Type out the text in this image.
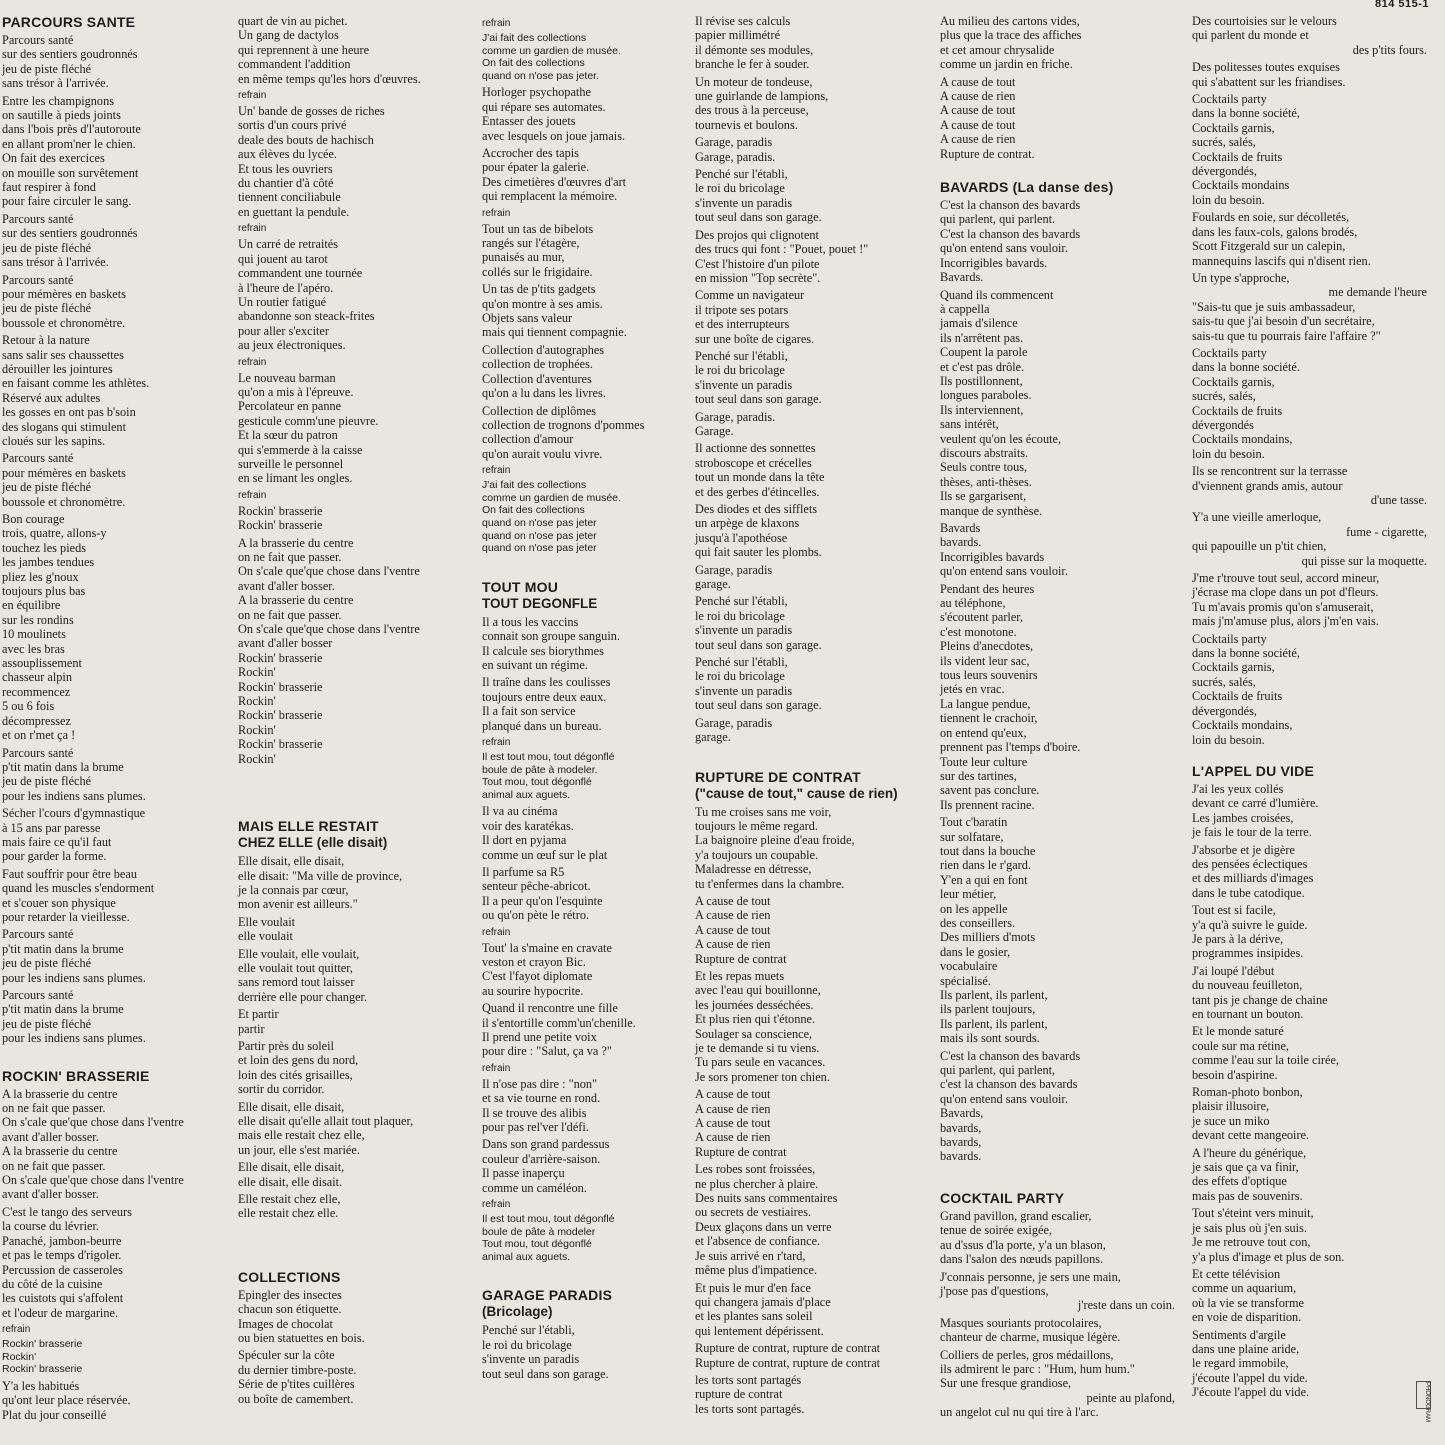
814 515-1
PARCOURS SANTE
Parcours santé
sur des sentiers goudronnés
jeu de piste fléché
sans trésor à l'arrivée.
Entre les champignons
on sautille à pieds joints
dans l'bois près d'l'autoroute
en allant prom'ner le chien.
On fait des exercices
on mouille son survêtement
faut respirer à fond
pour faire circuler le sang.
Parcours santé
sur des sentiers goudronnés
jeu de piste fléché
sans trésor à l'arrivée.
Parcours santé
pour mémères en baskets
jeu de piste fléché
boussole et chronomètre.
Retour à la nature
sans salir ses chaussettes
dérouiller les jointures
en faisant comme les athlètes.
Réservé aux adultes
les gosses en ont pas b'soin
des slogans qui stimulent
cloués sur les sapins.
Parcours santé
pour mémères en baskets
jeu de piste fléché
boussole et chronomètre.
Bon courage
trois, quatre, allons-y
touchez les pieds
les jambes tendues
pliez les g'noux
toujours plus bas
en équilibre
sur les rondins
10 moulinets
avec les bras
assouplissement
chasseur alpin
recommencez
5 ou 6 fois
décompressez
et on r'met ça !
Parcours santé
p'tit matin dans la brume
jeu de piste fléché
pour les indiens sans plumes.
Sécher l'cours d'gymnastique
à 15 ans par paresse
mais faire ce qu'il faut
pour garder la forme.
Faut souffrir pour être beau
quand les muscles s'endorment
et s'couer son physique
pour retarder la vieillesse.
Parcours santé
p'tit matin dans la brume
jeu de piste fléché
pour les indiens sans plumes.
Parcours santé
p'tit matin dans la brume
jeu de piste fléché
pour les indiens sans plumes.
ROCKIN' BRASSERIE
A la brasserie du centre
on ne fait que passer.
On s'cale que'que chose dans l'ventre
avant d'aller bosser.
A la brasserie du centre
on ne fait que passer.
On s'cale que'que chose dans l'ventre
avant d'aller bosser.
C'est le tango des serveurs
la course du lévrier.
Panaché, jambon-beurre
et pas le temps d'rigoler.
Percussion de casseroles
du côté de la cuisine
les cuistots qui s'affolent
et l'odeur de margarine.
refrain
Rockin' brasserie
Rockin'
Rockin' brasserie
Y'a les habitués
qu'ont leur place réservée.
Plat du jour conseillé
quart de vin au pichet.
Un gang de dactylos
qui reprennent à une heure
commandent l'addition
en même temps qu'les hors d'œuvres.
refrain
Un' bande de gosses de riches
sortis d'un cours privé
deale des bouts de hachisch
aux élèves du lycée.
Et tous les ouvriers
du chantier d'à côté
tiennent conciliabule
en guettant la pendule.
refrain
Un carré de retraités
qui jouent au tarot
commandent une tournée
à l'heure de l'apéro.
Un routier fatigué
abandonne son steack-frites
pour aller s'exciter
au jeux électroniques.
refrain
Le nouveau barman
qu'on a mis à l'épreuve.
Percolateur en panne
gesticule comm'une pieuvre.
Et la sœur du patron
qui s'emmerde à la caisse
surveille le personnel
en se limant les ongles.
refrain
Rockin' brasserie
Rockin' brasserie
A la brasserie du centre
on ne fait que passer.
On s'cale que'que chose dans l'ventre
avant d'aller bosser.
A la brasserie du centre
on ne fait que passer.
On s'cale que'que chose dans l'ventre
avant d'aller bosser
Rockin' brasserie
Rockin'
Rockin' brasserie
Rockin'
Rockin' brasserie
Rockin'
Rockin' brasserie
Rockin'
MAIS ELLE RESTAIT
CHEZ ELLE (elle disait)
Elle disait, elle disait,
elle disait: "Ma ville de province,
je la connais par cœur,
mon avenir est ailleurs."
Elle voulait
elle voulait
Elle voulait, elle voulait,
elle voulait tout quitter,
sans remord tout laisser
derrière elle pour changer.
Et partir
partir
Partir près du soleil
et loin des gens du nord,
loin des cités grisailles,
sortir du corridor.
Elle disait, elle disait,
elle disait qu'elle allait tout plaquer,
mais elle restait chez elle,
un jour, elle s'est mariée.
Elle disait, elle disait,
elle disait, elle disait.
Elle restait chez elle,
elle restait chez elle.
COLLECTIONS
Epingler des insectes
chacun son étiquette.
Images de chocolat
ou bien statuettes en bois.
Spéculer sur la côte
du dernier timbre-poste.
Série de p'tites cuillères
ou boîte de camembert.
refrain
J'ai fait des collections
comme un gardien de musée.
On fait des collections
quand on n'ose pas jeter.
Horloger psychopathe
qui répare ses automates.
Entasser des jouets
avec lesquels on joue jamais.
Accrocher des tapis
pour épater la galerie.
Des cimetières d'œuvres d'art
qui remplacent la mémoire.
refrain
Tout un tas de bibelots
rangés sur l'étagère,
punaisés au mur,
collés sur le frigidaire.
Un tas de p'tits gadgets
qu'on montre à ses amis.
Objets sans valeur
mais qui tiennent compagnie.
Collection d'autographes
collection de trophées.
Collection d'aventures
qu'on a lu dans les livres.
Collection de diplômes
collection de trognons d'pommes
collection d'amour
qu'on aurait voulu vivre.
refrain
J'ai fait des collections
comme un gardien de musée.
On fait des collections
quand on n'ose pas jeter
quand on n'ose pas jeter
quand on n'ose pas jeter
TOUT MOU
TOUT DEGONFLE
Il a tous les vaccins
connait son groupe sanguin.
Il calcule ses biorythmes
en suivant un régime.
Il traîne dans les coulisses
toujours entre deux eaux.
Il a fait son service
planqué dans un bureau.
refrain
Il est tout mou, tout dégonflé
boule de pâte à modeler.
Tout mou, tout dégonflé
animal aux aguets.
Il va au cinéma
voir des karatékas.
Il dort en pyjama
comme un œuf sur le plat
Il parfume sa R5
senteur pêche-abricot.
Il a peur qu'on l'esquinte
ou qu'on pète le rétro.
refrain
Tout' la s'maine en cravate
veston et crayon Bic.
C'est l'fayot diplomate
au sourire hypocrite.
Quand il rencontre une fille
il s'entortille comm'un'chenille.
Il prend une petite voix
pour dire : "Salut, ça va ?"
refrain
Il n'ose pas dire : "non"
et sa vie tourne en rond.
Il se trouve des alibis
pour pas rel'ver l'défi.
Dans son grand pardessus
couleur d'arrière-saison.
Il passe inaperçu
comme un caméléon.
refrain
Il est tout mou, tout dégonflé
boule de pâte à modeler
Tout mou, tout dégonflé
animal aux aguets.
GARAGE PARADIS
(Bricolage)
Penché sur l'établi,
le roi du bricolage
s'invente un paradis
tout seul dans son garage.
Il révise ses calculs
papier millimétré
il démonte ses modules,
branche le fer à souder.
Un moteur de tondeuse,
une guirlande de lampions,
des trous à la perceuse,
tournevis et boulons.
Garage, paradis
Garage, paradis.
Penché sur l'établi,
le roi du bricolage
s'invente un paradis
tout seul dans son garage.
Des projos qui clignotent
des trucs qui font : "Pouet, pouet !"
C'est l'histoire d'un pilote
en mission "Top secrète".
Comme un navigateur
il tripote ses potars
et des interrupteurs
sur une boîte de cigares.
Penché sur l'établi,
le roi du bricolage
s'invente un paradis
tout seul dans son garage.
Garage, paradis.
Garage.
Il actionne des sonnettes
stroboscope et crécelles
tout un monde dans la tête
et des gerbes d'étincelles.
Des diodes et des sifflets
un arpège de klaxons
jusqu'à l'apothéose
qui fait sauter les plombs.
Garage, paradis
garage.
Penché sur l'établi,
le roi du bricolage
s'invente un paradis
tout seul dans son garage.
Penché sur l'établi,
le roi du bricolage
s'invente un paradis
tout seul dans son garage.
Garage, paradis
garage.
RUPTURE DE CONTRAT
("cause de tout," cause de rien)
Tu me croises sans me voir,
toujours le même regard.
La baignoire pleine d'eau froide,
y'a toujours un coupable.
Maladresse en détresse,
tu t'enfermes dans la chambre.
A cause de tout
A cause de rien
A cause de tout
A cause de rien
Rupture de contrat
Et les repas muets
avec l'eau qui bouillonne,
les journées desséchées.
Et plus rien qui t'étonne.
Soulager sa conscience,
je te demande si tu viens.
Tu pars seule en vacances.
Je sors promener ton chien.
A cause de tout
A cause de rien
A cause de tout
A cause de rien
Rupture de contrat
Les robes sont froissées,
ne plus chercher à plaire.
Des nuits sans commentaires
ou secrets de vestiaires.
Deux glaçons dans un verre
et l'absence de confiance.
Je suis arrivé en r'tard,
même plus d'impatience.
Et puis le mur d'en face
qui changera jamais d'place
et les plantes sans soleil
qui lentement dépérissent.
Rupture de contrat, rupture de contrat
Rupture de contrat, rupture de contrat
les torts sont partagés
rupture de contrat
les torts sont partagés.
Au milieu des cartons vides,
plus que la trace des affiches
et cet amour chrysalide
comme un jardin en friche.
A cause de tout
A cause de rien
A cause de tout
A cause de tout
A cause de rien
Rupture de contrat.
BAVARDS (La danse des)
C'est la chanson des bavards
qui parlent, qui parlent.
C'est la chanson des bavards
qu'on entend sans vouloir.
Incorrigibles bavards.
Bavards.
Quand ils commencent
à cappella
jamais d'silence
ils n'arrêtent pas.
Coupent la parole
et c'est pas drôle.
Ils postillonnent,
longues paraboles.
Ils interviennent,
sans intérêt,
veulent qu'on les écoute,
discours abstraits.
Seuls contre tous,
thèses, anti-thèses.
Ils se gargarisent,
manque de synthèse.
Bavards
bavards.
Incorrigibles bavards
qu'on entend sans vouloir.
Pendant des heures
au téléphone,
s'écoutent parler,
c'est monotone.
Pleins d'anecdotes,
ils vident leur sac,
tous leurs souvenirs
jetés en vrac.
La langue pendue,
tiennent le crachoir,
on entend qu'eux,
prennent pas l'temps d'boire.
Toute leur culture
sur des tartines,
savent pas conclure.
Ils prennent racine.
Tout c'baratin
sur solfatare,
tout dans la bouche
rien dans le r'gard.
Y'en a qui en font
leur métier,
on les appelle
des conseillers.
Des milliers d'mots
dans le gosier,
vocabulaire
spécialisé.
Ils parlent, ils parlent,
ils parlent toujours,
Ils parlent, ils parlent,
mais ils sont sourds.
C'est la chanson des bavards
qui parlent, qui parlent,
c'est la chanson des bavards
qu'on entend sans vouloir.
Bavards,
bavards,
bavards,
bavards.
COCKTAIL PARTY
Grand pavillon, grand escalier,
tenue de soirée exigée,
au d'ssus d'la porte, y'a un blason,
dans l'salon des nœuds papillons.
J'connais personne, je sers une main,
j'pose pas d'questions,
j'reste dans un coin.
Masques souriants protocolaires,
chanteur de charme, musique légère.
Colliers de perles, gros médaillons,
ils admirent le parc : "Hum, hum hum."
Sur une fresque grandiose,
peinte au plafond,
un angelot cul nu qui tire à l'arc.
Des courtoisies sur le velours
qui parlent du monde et
des p'tits fours.
Des politesses toutes exquises
qui s'abattent sur les friandises.
Cocktails party
dans la bonne société,
Cocktails garnis,
sucrés, salés,
Cocktails de fruits
dévergondés,
Cocktails mondains
loin du besoin.
Foulards en soie, sur décolletés,
dans les faux-cols, galons brodés,
Scott Fitzgerald sur un calepin,
mannequins lascifs qui n'disent rien.
Un type s'approche,
me demande l'heure
"Sais-tu que je suis ambassadeur,
sais-tu que j'ai besoin d'un secrétaire,
sais-tu que tu pourrais faire l'affaire ?"
Cocktails party
dans la bonne société.
Cocktails garnis,
sucrés, salés,
Cocktails de fruits
dévergondés
Cocktails mondains,
loin du besoin.
Ils se rencontrent sur la terrasse
d'viennent grands amis, autour
d'une tasse.
Y'a une vieille amerloque,
fume - cigarette,
qui papouille un p'tit chien,
qui pisse sur la moquette.
J'me r'trouve tout seul, accord mineur,
j'écrase ma clope dans un pot d'fleurs.
Tu m'avais promis qu'on s'amuserait,
mais j'm'amuse plus, alors j'm'en vais.
Cocktails party
dans la bonne société,
Cocktails garnis,
sucrés, salés,
Cocktails de fruits
dévergondés,
Cocktails mondains,
loin du besoin.
L'APPEL DU VIDE
J'ai les yeux collés
devant ce carré d'lumière.
Les jambes croisées,
je fais le tour de la terre.
J'absorbe et je digère
des pensées éclectiques
et des milliards d'images
dans le tube catodique.
Tout est si facile,
y'a qu'à suivre le guide.
Je pars à la dérive,
programmes insipides.
J'ai loupé l'début
du nouveau feuilleton,
tant pis je change de chaine
en tournant un bouton.
Et le monde saturé
coule sur ma rétine,
comme l'eau sur la toile cirée,
besoin d'aspirine.
Roman-photo bonbon,
plaisir illusoire,
je suce un miko
devant cette mangeoire.
A l'heure du générique,
je sais que ça va finir,
des effets d'optique
mais pas de souvenirs.
Tout s'éteint vers minuit,
je sais plus où j'en suis.
Je me retrouve tout con,
y'a plus d'image et plus de son.
Et cette télévision
comme un aquarium,
où la vie se transforme
en voie de disparition.
Sentiments d'argile
dans une plaine aride,
le regard immobile,
j'écoute l'appel du vide.
J'écoute l'appel du vide.	PHONOGRAM
